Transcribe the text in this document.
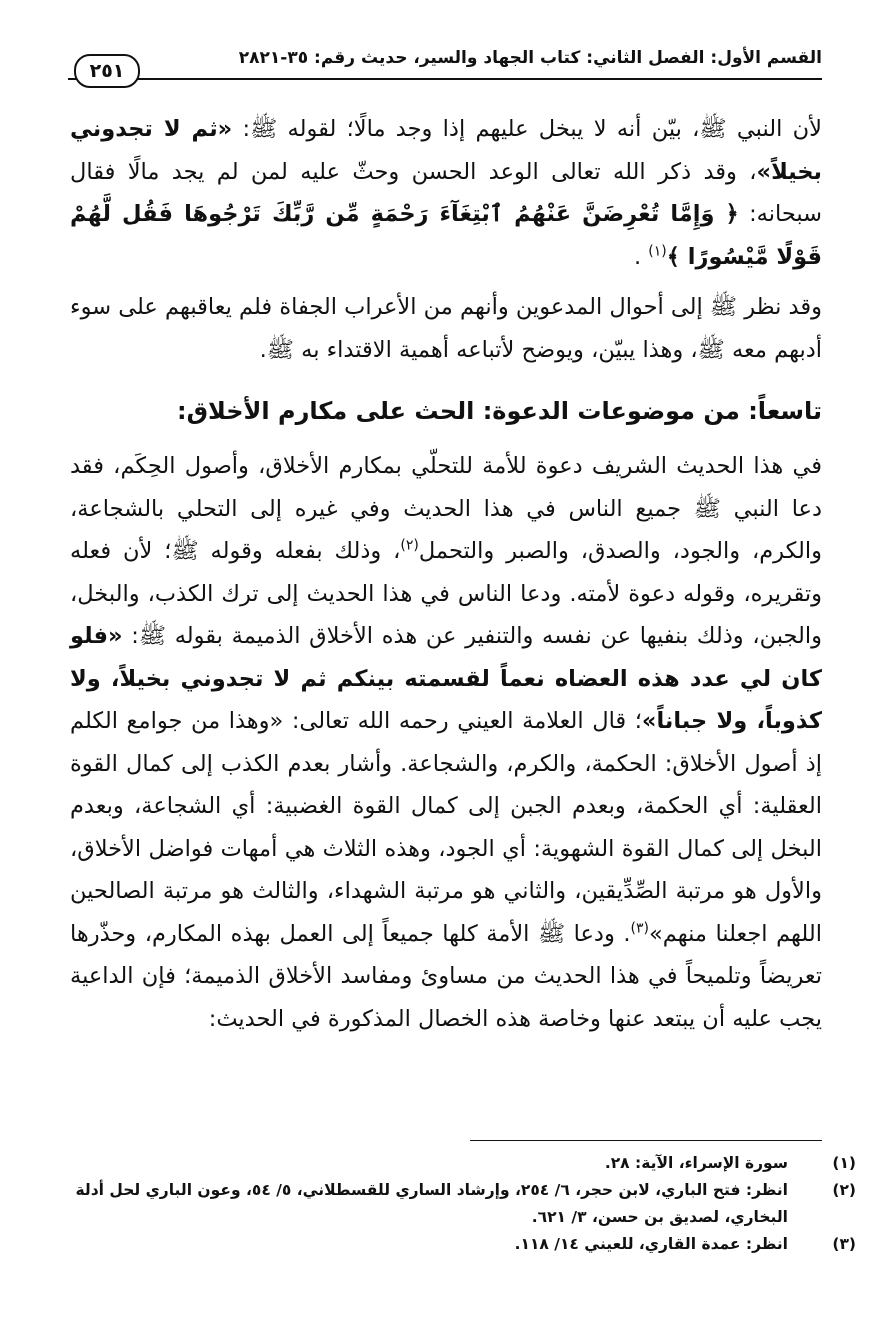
القسم الأول: الفصل الثاني: كتاب الجهاد والسير، حديث رقم: ٣٥-٢٨٢١
٢٥١

لأن النبي ﷺ، بيّن أنه لا يبخل عليهم إذا وجد مالًا؛ لقوله ﷺ: «ثم لا تجدوني بخيلاً»، وقد ذكر الله تعالى الوعد الحسن وحثّ عليه لمن لم يجد مالًا فقال سبحانه: ﴿ وَإِمَّا تُعْرِضَنَّ عَنْهُمُ ٱبْتِغَآءَ رَحْمَةٍ مِّن رَّبِّكَ تَرْجُوهَا فَقُل لَّهُمْ قَوْلًا مَّيْسُورًا ﴾$^{(١)}$ .

وقد نظر ﷺ إلى أحوال المدعوين وأنهم من الأعراب الجفاة فلم يعاقبهم على سوء أدبهم معه ﷺ، وهذا يبيّن، ويوضح لأتباعه أهمية الاقتداء به ﷺ.

تاسعاً: من موضوعات الدعوة: الحث على مكارم الأخلاق:

في هذا الحديث الشريف دعوة للأمة للتحلّي بمكارم الأخلاق، وأصول الحِكَم، فقد دعا النبي ﷺ جميع الناس في هذا الحديث وفي غيره إلى التحلي بالشجاعة، والكرم، والجود، والصدق، والصبر والتحمل$^{(٢)}$، وذلك بفعله وقوله ﷺ؛ لأن فعله وتقريره، وقوله دعوة لأمته. ودعا الناس في هذا الحديث إلى ترك الكذب، والبخل، والجبن، وذلك بنفيها عن نفسه والتنفير عن هذه الأخلاق الذميمة بقوله ﷺ: «فلو كان لي عدد هذه العضاه نعماً لقسمته بينكم ثم لا تجدوني بخيلاً، ولا كذوباً، ولا جباناً»؛ قال العلامة العيني رحمه الله تعالى: «وهذا من جوامع الكلم إذ أصول الأخلاق: الحكمة، والكرم، والشجاعة. وأشار بعدم الكذب إلى كمال القوة العقلية: أي الحكمة، وبعدم الجبن إلى كمال القوة الغضبية: أي الشجاعة، وبعدم البخل إلى كمال القوة الشهوية: أي الجود، وهذه الثلاث هي أمهات فواضل الأخلاق، والأول هو مرتبة الصِّدِّيقين، والثاني هو مرتبة الشهداء، والثالث هو مرتبة الصالحين اللهم اجعلنا منهم»$^{(٣)}$. ودعا ﷺ الأمة كلها جميعاً إلى العمل بهذه المكارم، وحذّرها تعريضاً وتلميحاً في هذا الحديث من مساوئ ومفاسد الأخلاق الذميمة؛ فإن الداعية يجب عليه أن يبتعد عنها وخاصة هذه الخصال المذكورة في الحديث:

(١)سورة الإسراء، الآية: ٢٨.

(٢)انظر: فتح الباري، لابن حجر، ٦/ ٢٥٤، وإرشاد الساري للقسطلاني، ٥/ ٥٤، وعون الباري لحل أدلة البخاري، لصديق بن حسن، ٣/ ٦٢١.

(٣)انظر: عمدة القاري، للعيني ١٤/ ١١٨.
